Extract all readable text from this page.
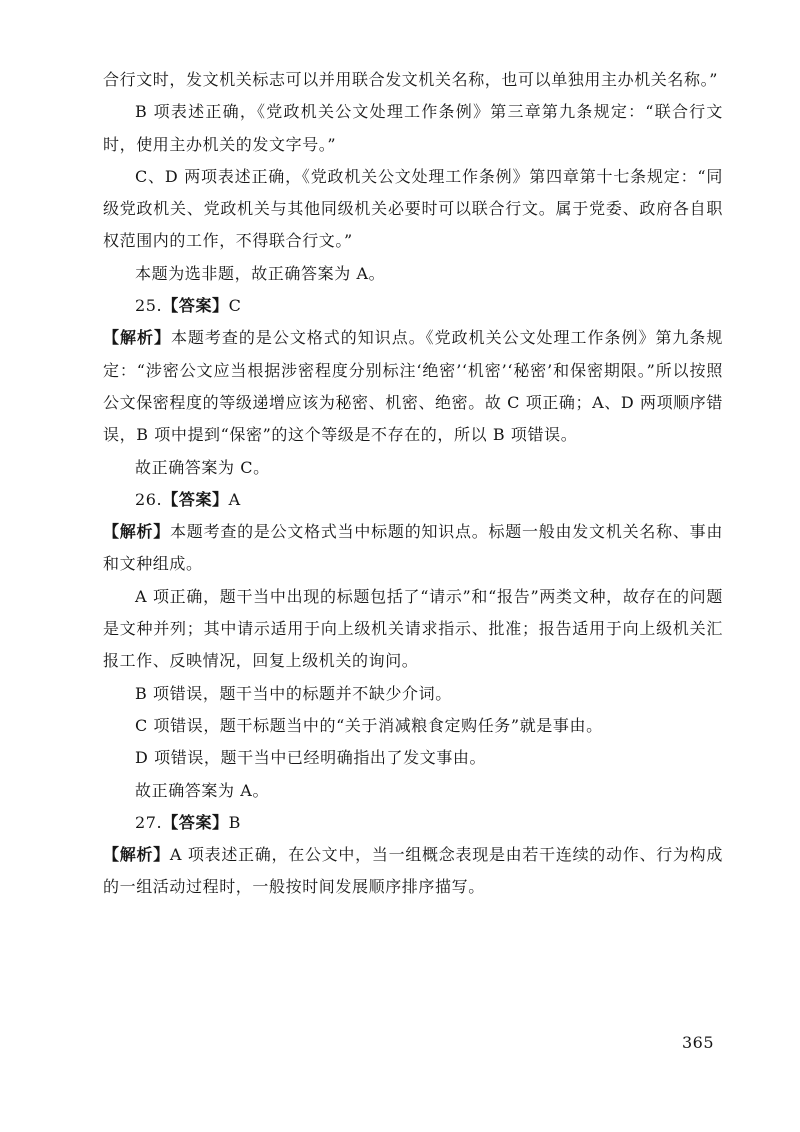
合行文时，发文机关标志可以并用联合发文机关名称，也可以单独用主办机关名称。”

B 项表述正确，《党政机关公文处理工作条例》第三章第九条规定：“联合行文时，使用主办机关的发文字号。”

C、D 两项表述正确，《党政机关公文处理工作条例》第四章第十七条规定：“同级党政机关、党政机关与其他同级机关必要时可以联合行文。属于党委、政府各自职权范围内的工作，不得联合行文。”

本题为选非题，故正确答案为 A。

25.【答案】C

【解析】本题考查的是公文格式的知识点。《党政机关公文处理工作条例》第九条规定：“涉密公文应当根据涉密程度分别标注‘绝密’‘机密’‘秘密’和保密期限。”所以按照公文保密程度的等级递增应该为秘密、机密、绝密。故 C 项正确；A、D 两项顺序错误，B 项中提到“保密”的这个等级是不存在的，所以 B 项错误。

故正确答案为 C。

26.【答案】A

【解析】本题考查的是公文格式当中标题的知识点。标题一般由发文机关名称、事由和文种组成。

A 项正确，题干当中出现的标题包括了“请示”和“报告”两类文种，故存在的问题是文种并列；其中请示适用于向上级机关请求指示、批准；报告适用于向上级机关汇报工作、反映情况，回复上级机关的询问。

B 项错误，题干当中的标题并不缺少介词。

C 项错误，题干标题当中的“关于消减粮食定购任务”就是事由。

D 项错误，题干当中已经明确指出了发文事由。

故正确答案为 A。

27.【答案】B

【解析】A 项表述正确，在公文中，当一组概念表现是由若干连续的动作、行为构成的一组活动过程时，一般按时间发展顺序排序描写。

365
